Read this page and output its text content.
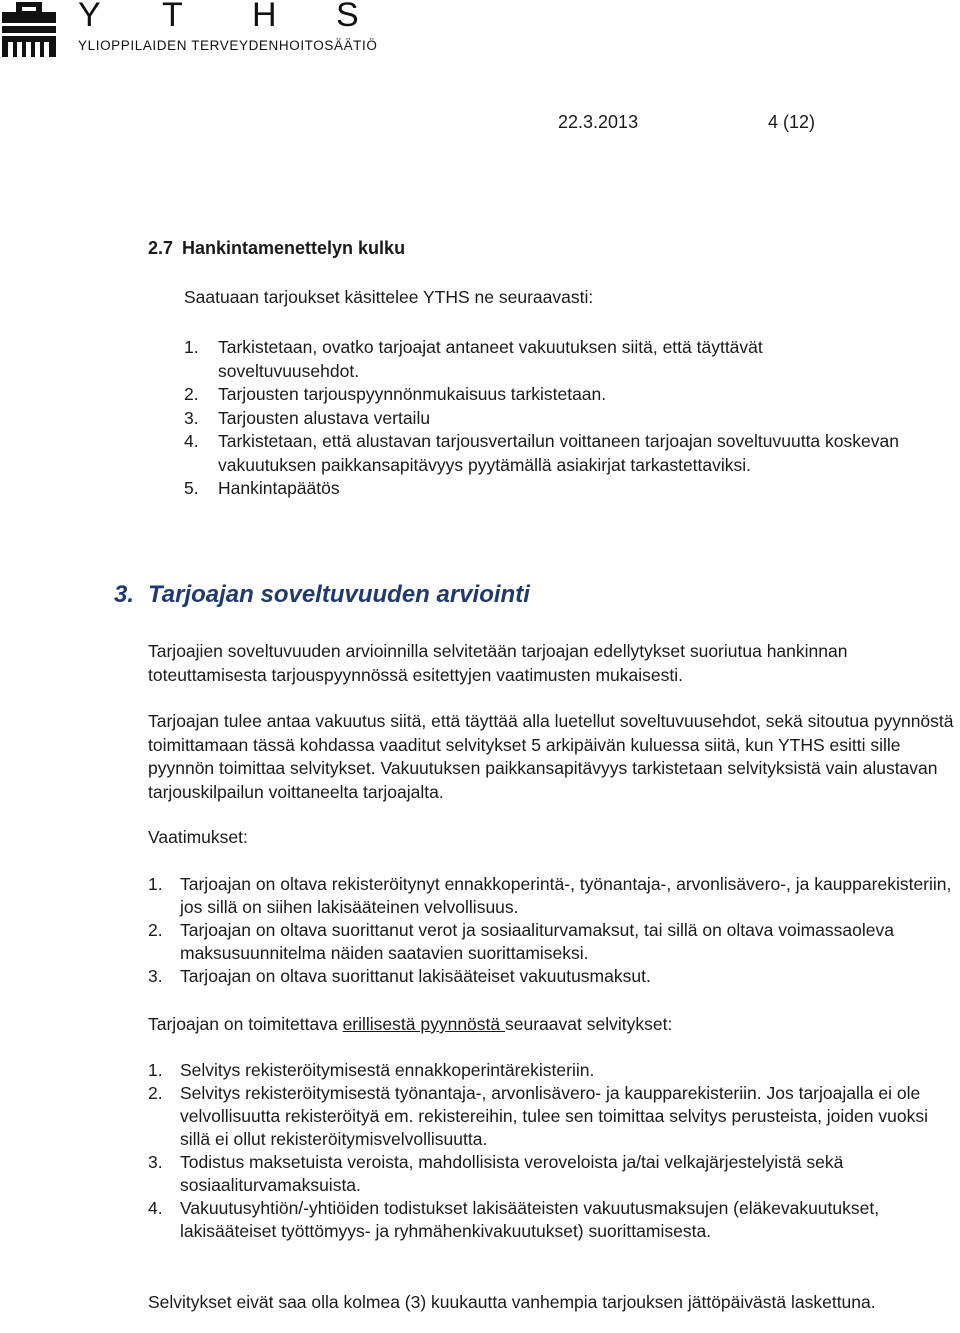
Y T H S
YLIOPPILAIDEN TERVEYDENHOITOSÄÄTIÖ
22.3.2013	4 (12)
2.7 Hankintamenettelyn kulku
Saatuaan tarjoukset käsittelee YTHS ne seuraavasti:
1. Tarkistetaan, ovatko tarjoajat antaneet vakuutuksen siitä, että täyttävät soveltuvuusehdot.
2. Tarjousten tarjouspyynnönmukaisuus tarkistetaan.
3. Tarjousten alustava vertailu
4. Tarkistetaan, että alustavan tarjousvertailun voittaneen tarjoajan soveltuvuutta koskevan vakuutuksen paikkansapitävyys pyytämällä asiakirjat tarkastettaviksi.
5. Hankintapäätös
3. Tarjoajan soveltuvuuden arviointi
Tarjoajien soveltuvuuden arvioinnilla selvitetään tarjoajan edellytykset suoriutua hankinnan toteuttamisesta tarjouspyynnössä esitettyjen vaatimusten mukaisesti.
Tarjoajan tulee antaa vakuutus siitä, että täyttää alla luetellut soveltuvuusehdot, sekä sitoutua pyynnöstä toimittamaan tässä kohdassa vaaditut selvitykset 5 arkipäivän kuluessa siitä, kun YTHS esitti sille pyynnön toimittaa selvitykset. Vakuutuksen paikkansapitävyys tarkistetaan selvityksistä vain alustavan tarjouskilpailun voittaneelta tarjoajalta.
Vaatimukset:
1. Tarjoajan on oltava rekisteröitynyt ennakkoperintä-, työnantaja-, arvonlisävero-, ja kaupparekisteriin, jos sillä on siihen lakisääteinen velvollisuus.
2. Tarjoajan on oltava suorittanut verot ja sosiaaliturvamaksut, tai sillä on oltava voimassaoleva maksusuunnitelma näiden saatavien suorittamiseksi.
3. Tarjoajan on oltava suorittanut lakisääteiset vakuutusmaksut.
Tarjoajan on toimitettava erillisestä pyynnöstä seuraavat selvitykset:
1. Selvitys rekisteröitymisestä ennakkoperintärekisteriin.
2. Selvitys rekisteröitymisestä työnantaja-, arvonlisävero- ja kaupparekisteriin. Jos tarjoajalla ei ole velvollisuutta rekisteröityä em. rekistereihin, tulee sen toimittaa selvitys perusteista, joiden vuoksi sillä ei ollut rekisteröitymisvelvollisuutta.
3. Todistus maksetuista veroista, mahdollisista veroveloista ja/tai velkajärjestelyistä sekä sosiaaliturvamaksuista.
4. Vakuutusyhtiön/-yhtiöiden todistukset lakisääteisten vakuutusmaksujen (eläkevakuutukset, lakisääteiset työttömyys- ja ryhmähenkivakuutukset) suorittamisesta.
Selvitykset eivät saa olla kolmea (3) kuukautta vanhempia tarjouksen jättöpäivästä laskettuna.
